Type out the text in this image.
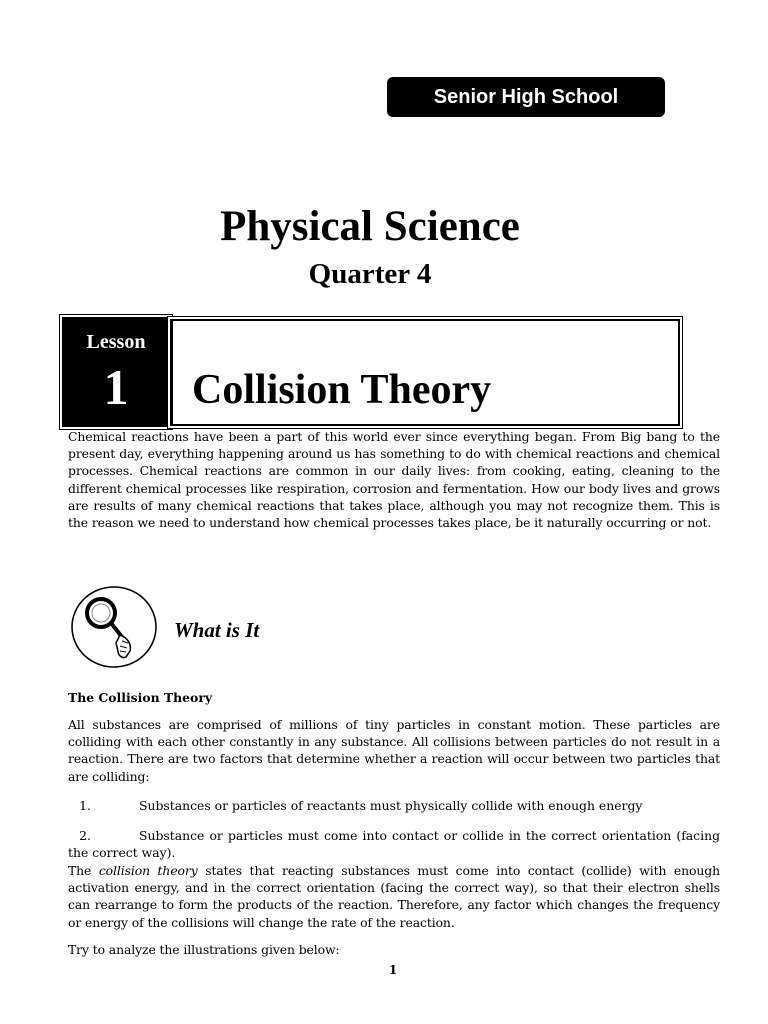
Senior High School
Physical Science
Quarter 4
Lesson
1	Collision Theory

Chemical reactions have been a part of this world ever since everything began. From Big bang to the present day, everything happening around us has something to do with chemical reactions and chemical processes. Chemical reactions are common in our daily lives: from cooking, eating, cleaning to the different chemical processes like respiration, corrosion and fermentation. How our body lives and grows are results of many chemical reactions that takes place, although you may not recognize them. This is the reason we need to understand how chemical processes takes place, be it naturally occurring or not.

What is It
The Collision Theory

All substances are comprised of millions of tiny particles in constant motion. These particles are colliding with each other constantly in any substance. All collisions between particles do not result in a reaction. There are two factors that determine whether a reaction will occur between two particles that are colliding:

1.	Substances or particles of reactants must physically collide with enough energy
2.	Substance or particles must come into contact or collide in the correct orientation (facing the correct way).

The collision theory states that reacting substances must come into contact (collide) with enough activation energy, and in the correct orientation (facing the correct way), so that their electron shells can rearrange to form the products of the reaction. Therefore, any factor which changes the frequency or energy of the collisions will change the rate of the reaction.

Try to analyze the illustrations given below:

1
